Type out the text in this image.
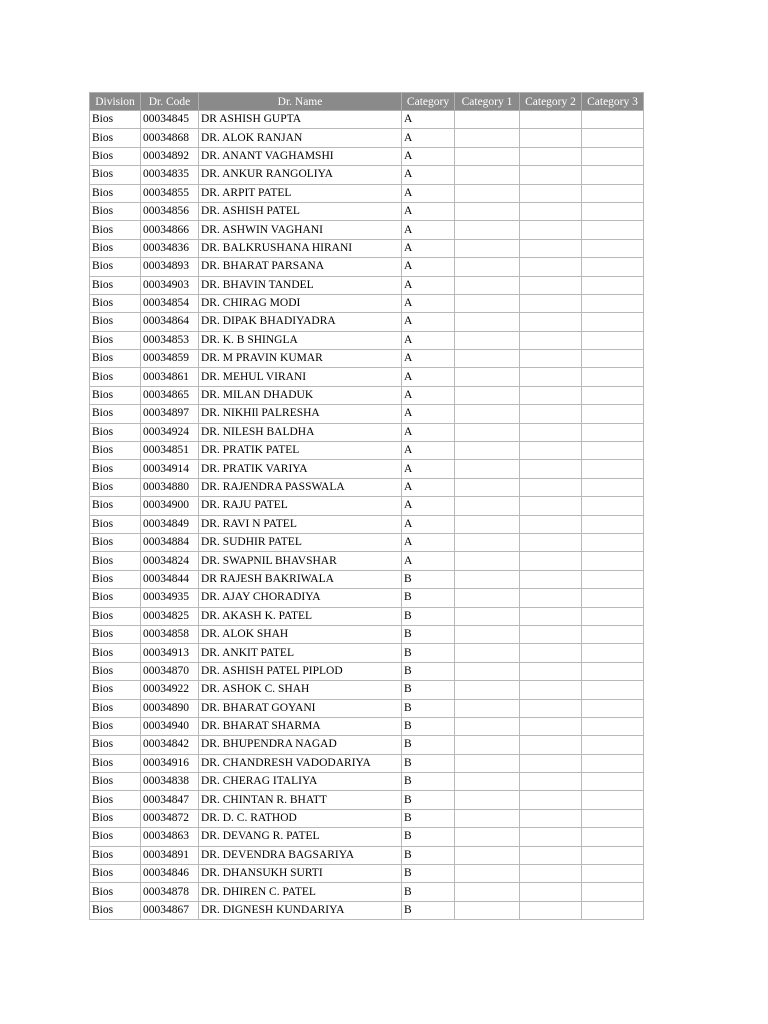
Division	Dr. Code	Dr. Name	Category	Category 1	Category 2	Category 3
Bios	00034845	DR ASHISH GUPTA	A			
Bios	00034868	DR. ALOK RANJAN	A			
Bios	00034892	DR. ANANT VAGHAMSHI	A			
Bios	00034835	DR. ANKUR RANGOLIYA	A			
Bios	00034855	DR. ARPIT PATEL	A			
Bios	00034856	DR. ASHISH PATEL	A			
Bios	00034866	DR. ASHWIN VAGHANI	A			
Bios	00034836	DR. BALKRUSHANA HIRANI	A			
Bios	00034893	DR. BHARAT PARSANA	A			
Bios	00034903	DR. BHAVIN TANDEL	A			
Bios	00034854	DR. CHIRAG MODI	A			
Bios	00034864	DR. DIPAK BHADIYADRA	A			
Bios	00034853	DR. K. B SHINGLA	A			
Bios	00034859	DR. M PRAVIN KUMAR	A			
Bios	00034861	DR. MEHUL VIRANI	A			
Bios	00034865	DR. MILAN DHADUK	A			
Bios	00034897	DR. NIKHIl PALRESHA	A			
Bios	00034924	DR. NILESH BALDHA	A			
Bios	00034851	DR. PRATIK PATEL	A			
Bios	00034914	DR. PRATIK VARIYA	A			
Bios	00034880	DR. RAJENDRA PASSWALA	A			
Bios	00034900	DR. RAJU PATEL	A			
Bios	00034849	DR. RAVI N PATEL	A			
Bios	00034884	DR. SUDHIR PATEL	A			
Bios	00034824	DR. SWAPNIL BHAVSHAR	A			
Bios	00034844	DR RAJESH BAKRIWALA	B			
Bios	00034935	DR. AJAY CHORADIYA	B			
Bios	00034825	DR. AKASH K. PATEL	B			
Bios	00034858	DR. ALOK SHAH	B			
Bios	00034913	DR. ANKIT PATEL	B			
Bios	00034870	DR. ASHISH PATEL PIPLOD	B			
Bios	00034922	DR. ASHOK C. SHAH	B			
Bios	00034890	DR. BHARAT GOYANI	B			
Bios	00034940	DR. BHARAT SHARMA	B			
Bios	00034842	DR. BHUPENDRA NAGAD	B			
Bios	00034916	DR. CHANDRESH VADODARIYA	B			
Bios	00034838	DR. CHERAG ITALIYA	B			
Bios	00034847	DR. CHINTAN R. BHATT	B			
Bios	00034872	DR. D. C. RATHOD	B			
Bios	00034863	DR. DEVANG R. PATEL	B			
Bios	00034891	DR. DEVENDRA BAGSARIYA	B			
Bios	00034846	DR. DHANSUKH SURTI	B			
Bios	00034878	DR. DHIREN C. PATEL	B			
Bios	00034867	DR. DIGNESH KUNDARIYA	B			
